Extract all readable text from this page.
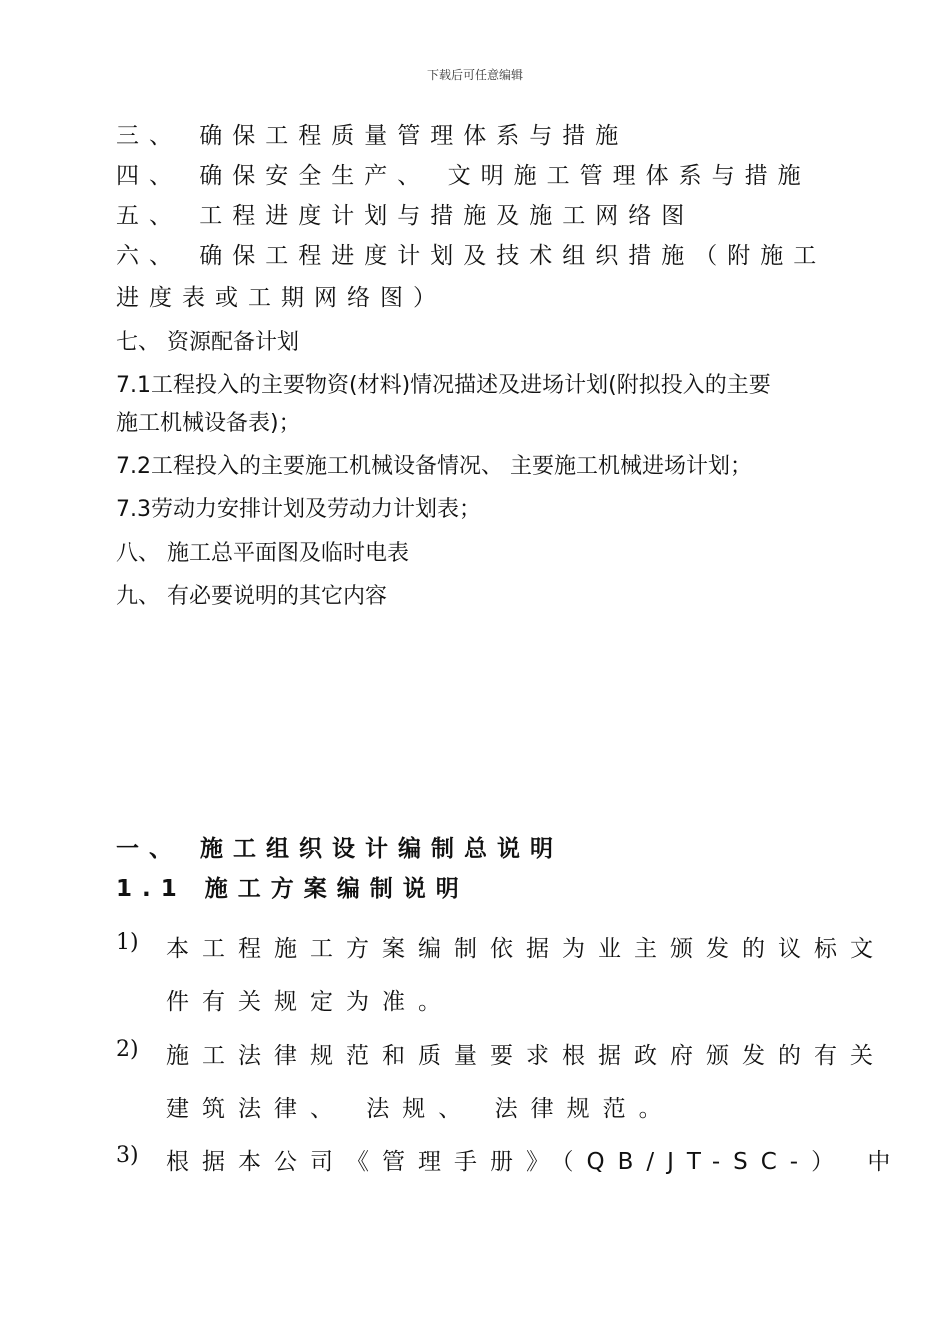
下载后可任意编辑
三、 确保工程质量管理体系与措施
四、 确保安全生产、 文明施工管理体系与措施
五、 工程进度计划与措施及施工网络图
六、 确保工程进度计划及技术组织措施（附施工
进度表或工期网络图）
七、 资源配备计划
7.1工程投入的主要物资(材料)情况描述及进场计划(附拟投入的主要
施工机械设备表)；
7.2工程投入的主要施工机械设备情况、 主要施工机械进场计划；
7.3劳动力安排计划及劳动力计划表；
八、 施工总平面图及临时电表
九、 有必要说明的其它内容
一、 施工组织设计编制总说明
1.1 施工方案编制说明
1) 本工程施工方案编制依据为业主颁发的议标文
件有关规定为准。
2) 施工法律规范和质量要求根据政府颁发的有关
建筑法律、 法规、 法律规范。
3) 根据本公司《管理手册》（QB/JT-SC-） 中
